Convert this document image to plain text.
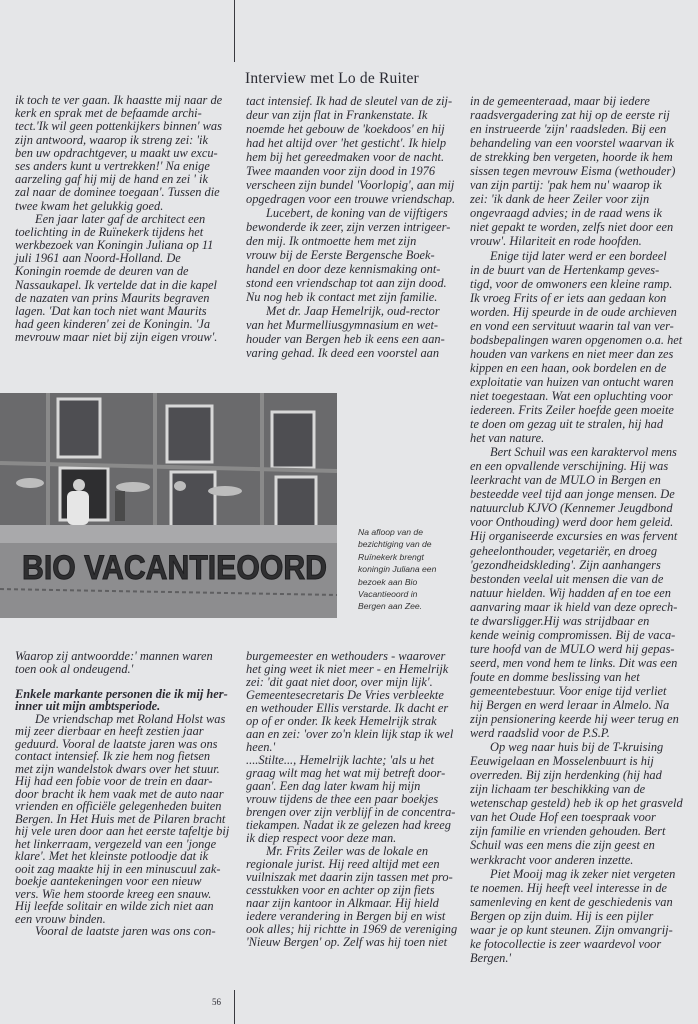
Interview met Lo de Ruiter
ik toch te ver gaan. Ik haastte mij naar de
kerk en sprak met de befaamde archi-
tect.'Ik wil geen pottenkijkers binnen' was
zijn antwoord, waarop ik streng zei: 'ik
ben uw opdrachtgever, u maakt uw excu-
ses anders kunt u vertrekken!' Na enige
aarzeling gaf hij mij de hand en zei ' ik
zal naar de dominee toegaan'. Tussen die
twee kwam het gelukkig goed.
Een jaar later gaf de architect een
toelichting in de Ruïnekerk tijdens het
werkbezoek van Koningin Juliana op 11
juli 1961 aan Noord-Holland. De
Koningin roemde de deuren van de
Nassaukapel. Ik vertelde dat in die kapel
de nazaten van prins Maurits begraven
lagen. 'Dat kan toch niet want Maurits
had geen kinderen' zei de Koningin. 'Ja
mevrouw maar niet bij zijn eigen vrouw'.
tact intensief. Ik had de sleutel van de zij-
deur van zijn flat in Frankenstate. Ik
noemde het gebouw de 'koekdoos' en hij
had het altijd over 'het gesticht'. Ik hielp
hem bij het gereedmaken voor de nacht.
Twee maanden voor zijn dood in 1976
verscheen zijn bundel 'Voorlopig', aan mij
opgedragen voor een trouwe vriendschap.
Lucebert, de koning van de vijftigers
bewonderde ik zeer, zijn verzen intrigeer-
den mij. Ik ontmoette hem met zijn
vrouw bij de Eerste Bergensche Boek-
handel en door deze kennismaking ont-
stond een vriendschap tot aan zijn dood.
Nu nog heb ik contact met zijn familie.
Met dr. Jaap Hemelrijk, oud-rector
van het Murmelliusgymnasium en wet-
houder van Bergen heb ik eens een aan-
varing gehad. Ik deed een voorstel aan
in de gemeenteraad, maar bij iedere
raadsvergadering zat hij op de eerste rij
en instrueerde 'zijn' raadsleden. Bij een
behandeling van een voorstel waarvan ik
de strekking ben vergeten, hoorde ik hem
sissen tegen mevrouw Eisma (wethouder)
van zijn partij: 'pak hem nu' waarop ik
zei: 'ik dank de heer Zeiler voor zijn
ongevraagd advies; in de raad wens ik
niet gepakt te worden, zelfs niet door een
vrouw'. Hilariteit en rode hoofden.
Enige tijd later werd er een bordeel
in de buurt van de Hertenkamp geves-
tigd, voor de omwoners een kleine ramp.
Ik vroeg Frits of er iets aan gedaan kon
worden. Hij speurde in de oude archieven
en vond een servituut waarin tal van ver-
bodsbepalingen waren opgenomen o.a. het
houden van varkens en niet meer dan zes
kippen en een haan, ook bordelen en de
exploitatie van huizen van ontucht waren
niet toegestaan. Wat een opluchting voor
iedereen. Frits Zeiler hoefde geen moeite
te doen om gezag uit te stralen, hij had
het van nature.
Bert Schuil was een karaktervol mens
en een opvallende verschijning. Hij was
leerkracht van de MULO in Bergen en
besteedde veel tijd aan jonge mensen. De
natuurclub KJVO (Kennemer Jeugdbond
voor Onthouding) werd door hem geleid.
Hij organiseerde excursies en was fervent
geheelonthouder, vegetariër, en droeg
'gezondheidskleding'. Zijn aanhangers
bestonden veelal uit mensen die van de
natuur hielden. Wij hadden af en toe een
aanvaring maar ik hield van deze oprech-
te dwarsligger.Hij was strijdbaar en
kende weinig compromissen. Bij de vaca-
ture hoofd van de MULO werd hij gepas-
seerd, men vond hem te links. Dit was een
foute en domme beslissing van het
gemeentebestuur. Voor enige tijd verliet
hij Bergen en werd leraar in Almelo. Na
zijn pensionering keerde hij weer terug en
werd raadslid voor de P.S.P.
Op weg naar huis bij de T-kruising
Eeuwigelaan en Mosselenbuurt is hij
overreden. Bij zijn herdenking (hij had
zijn lichaam ter beschikking van de
wetenschap gesteld) heb ik op het grasveld
van het Oude Hof een toespraak voor
zijn familie en vrienden gehouden. Bert
Schuil was een mens die zijn geest en
werkkracht voor anderen inzette.
Piet Mooij mag ik zeker niet vergeten
te noemen. Hij heeft veel interesse in de
samenleving en kent de geschiedenis van
Bergen op zijn duim. Hij is een pijler
waar je op kunt steunen. Zijn omvangrij-
ke fotocollectie is zeer waardevol voor
Bergen.'
Waarop zij antwoordde:' mannen waren
toen ook al ondeugend.'
Enkele markante personen die ik mij her-
inner uit mijn ambtsperiode.
De vriendschap met Roland Holst was
mij zeer dierbaar en heeft zestien jaar
geduurd. Vooral de laatste jaren was ons
contact intensief. Ik zie hem nog fietsen
met zijn wandelstok dwars over het stuur.
Hij had een fobie voor de trein en daar-
door bracht ik hem vaak met de auto naar
vrienden en officiële gelegenheden buiten
Bergen. In Het Huis met de Pilaren bracht
hij vele uren door aan het eerste tafeltje bij
het linkerraam, vergezeld van een 'jonge
klare'. Met het kleinste potloodje dat ik
ooit zag maakte hij in een minuscuul zak-
boekje aantekeningen voor een nieuw
vers. Wie hem stoorde kreeg een snauw.
Hij leefde solitair en wilde zich niet aan
een vrouw binden.
Vooral de laatste jaren was ons con-
burgemeester en wethouders - waarover
het ging weet ik niet meer - en Hemelrijk
zei: 'dit gaat niet door, over mijn lijk'.
Gemeentesecretaris De Vries verbleekte
en wethouder Ellis verstarde. Ik dacht er
op of er onder. Ik keek Hemelrijk strak
aan en zei: 'over zo'n klein lijk stap ik wel
heen.'
....Stilte..., Hemelrijk lachte; 'als u het
graag wilt mag het wat mij betreft door-
gaan'. Een dag later kwam hij mijn
vrouw tijdens de thee een paar boekjes
brengen over zijn verblijf in de concentra-
tiekampen. Nadat ik ze gelezen had kreeg
ik diep respect voor deze man.
Mr. Frits Zeiler was de lokale en
regionale jurist. Hij reed altijd met een
vuilniszak met daarin zijn tassen met pro-
cesstukken voor en achter op zijn fiets
naar zijn kantoor in Alkmaar. Hij hield
iedere verandering in Bergen bij en wist
ook alles; hij richtte in 1969 de vereniging
'Nieuw Bergen' op. Zelf was hij toen niet
BIO VACANTIEOORD
Na afloop van de
bezichtiging van de
Ruïnekerk brengt
koningin Juliana een
bezoek aan Bio
Vacantieoord in
Bergen aan Zee.
56
